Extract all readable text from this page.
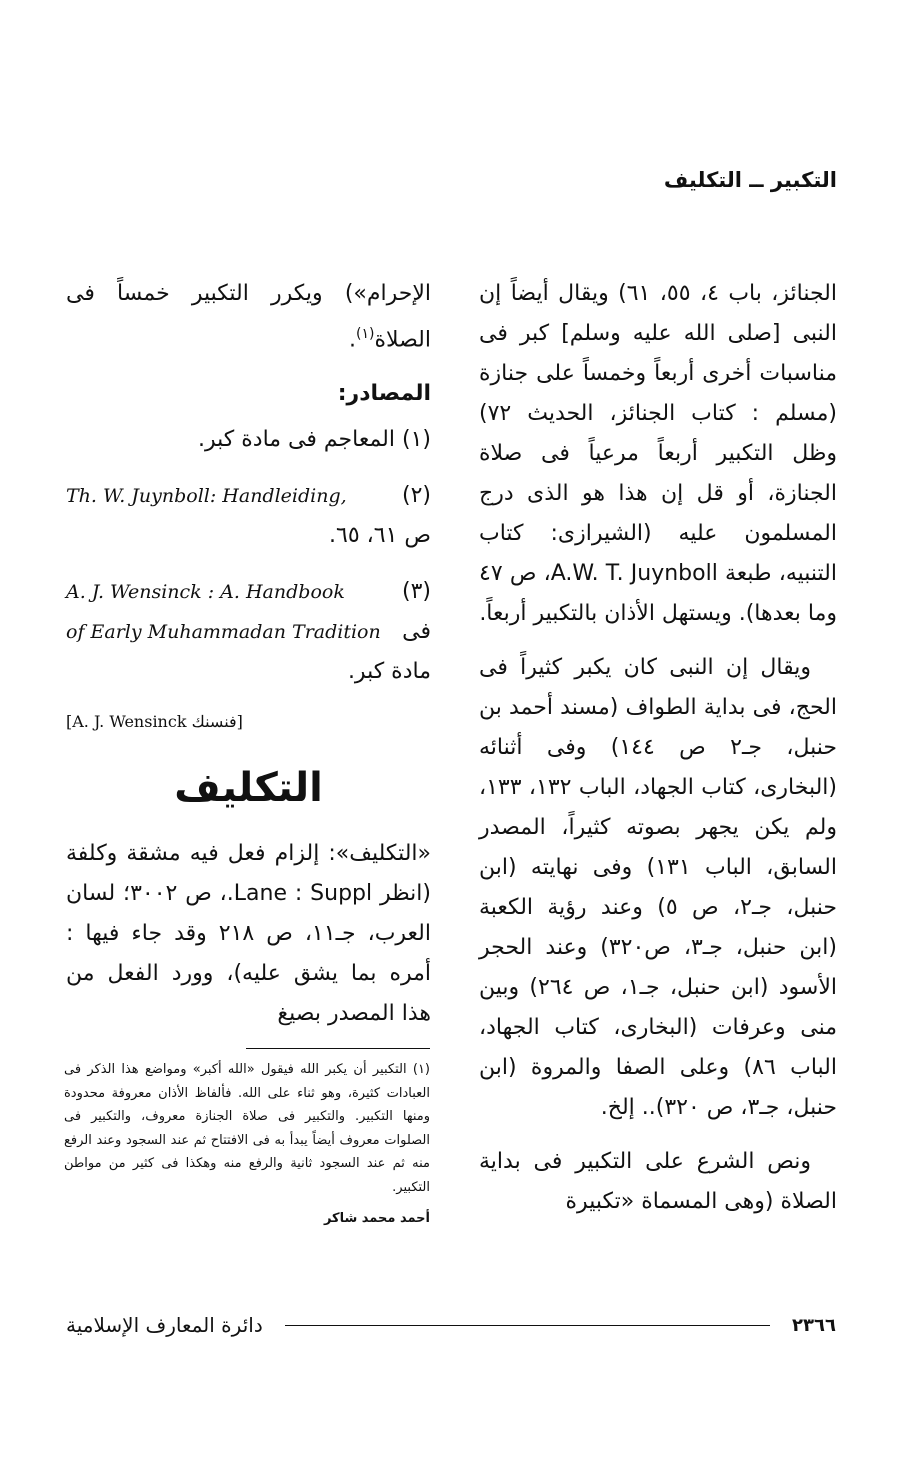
التكبير ــ التكليف

الجنائز، باب ٤، ٥٥، ٦١) ويقال أيضاً إن النبى [صلى الله عليه وسلم] كبر فى مناسبات أخرى أربعاً وخمساً على جنازة (مسلم : كتاب الجنائز، الحديث ٧٢) وظل التكبير أربعاً مرعياً فى صلاة الجنازة، أو قل إن هذا هو الذى درج المسلمون عليه (الشيرازى: كتاب التنبيه، طبعة A.W. T. Juynboll، ص ٤٧ وما بعدها). ويستهل الأذان بالتكبير أربعاً.

ويقال إن النبى كان يكبر كثيراً فى الحج، فى بداية الطواف (مسند أحمد بن حنبل، جـ٢ ص ١٤٤) وفى أثنائه (البخارى، كتاب الجهاد، الباب ١٣٢، ١٣٣، ولم يكن يجهر بصوته كثيراً، المصدر السابق، الباب ١٣١) وفى نهايته (ابن حنبل، جـ٢، ص ٥) وعند رؤية الكعبة (ابن حنبل، جـ٣، ص٣٢٠) وعند الحجر الأسود (ابن حنبل، جـ١، ص ٢٦٤) وبين منى وعرفات (البخارى، كتاب الجهاد، الباب ٨٦) وعلى الصفا والمروة (ابن حنبل، جـ٣، ص ٣٢٠).. إلخ.

ونص الشرع على التكبير فى بداية الصلاة (وهى المسماة «تكبيرة

الإحرام») ويكرر التكبير خمساً فى الصلاة$^{(١)}$.

المصادر:

(١) المعاجم فى مادة كبر.

(٢)
Th. W. Juynboll: Handleiding,

ص ٦١، ٦٥.

(٣)
A. J. Wensinck : A. Handbook
فى
of Early Muhammadan Tradition

مادة كبر.

[A. J. Wensinck فنسنك]
التكليف

«التكليف»: إلزام فعل فيه مشقة وكلفة (انظر Lane : Suppl.، ص ٣٠٠٢؛ لسان العرب، جـ١١، ص ٢١٨ وقد جاء فيها : أمره بما يشق عليه)، وورد الفعل من هذا المصدر بصيغ

(١) التكبير أن يكبر الله فيقول «الله أكبر» ومواضع هذا الذكر فى العبادات كثيرة، وهو ثناء على الله. فألفاظ الأذان معروفة محدودة ومنها التكبير. والتكبير فى صلاة الجنازة معروف، والتكبير فى الصلوات معروف أيضاً يبدأ به فى الافتتاح ثم عند السجود وعند الرفع منه ثم عند السجود ثانية والرفع منه وهكذا فى كثير من مواطن التكبير.
أحمد محمد شاكر
٢٣٦٦
دائرة المعارف الإسلامية
